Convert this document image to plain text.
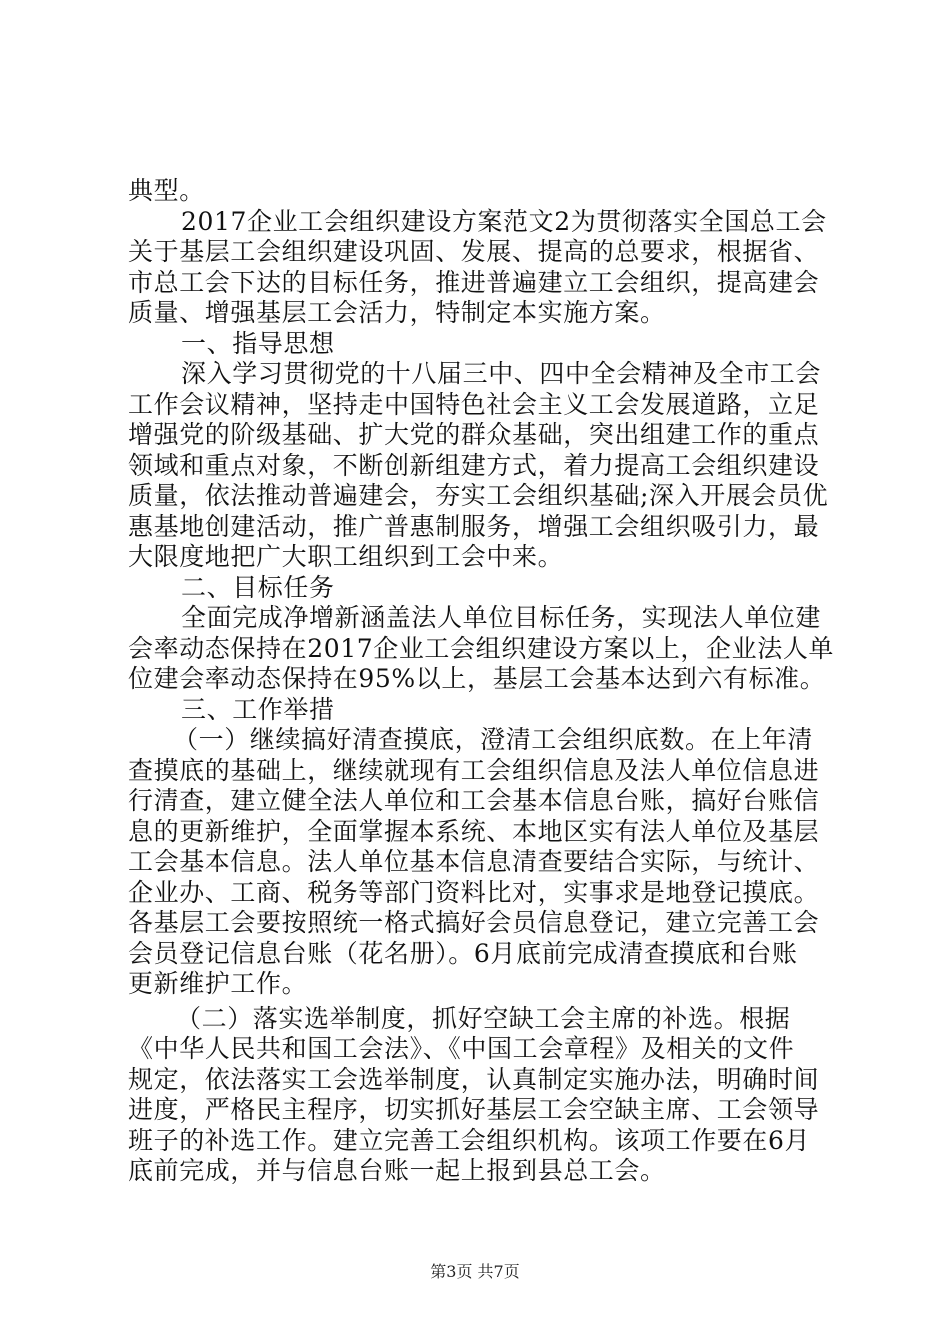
典型。
2017企业工会组织建设方案范文2为贯彻落实全国总工会
关于基层工会组织建设巩固、发展、提高的总要求，根据省、
市总工会下达的目标任务，推进普遍建立工会组织，提高建会
质量、增强基层工会活力，特制定本实施方案。
一、指导思想
深入学习贯彻党的十八届三中、四中全会精神及全市工会
工作会议精神，坚持走中国特色社会主义工会发展道路，立足
增强党的阶级基础、扩大党的群众基础，突出组建工作的重点
领域和重点对象，不断创新组建方式，着力提高工会组织建设
质量，依法推动普遍建会，夯实工会组织基础;深入开展会员优
惠基地创建活动，推广普惠制服务，增强工会组织吸引力，最
大限度地把广大职工组织到工会中来。
二、目标任务
全面完成净增新涵盖法人单位目标任务，实现法人单位建
会率动态保持在2017企业工会组织建设方案以上，企业法人单
位建会率动态保持在95%以上，基层工会基本达到六有标准。
三、工作举措
（一）继续搞好清查摸底，澄清工会组织底数。在上年清
查摸底的基础上，继续就现有工会组织信息及法人单位信息进
行清查，建立健全法人单位和工会基本信息台账，搞好台账信
息的更新维护，全面掌握本系统、本地区实有法人单位及基层
工会基本信息。法人单位基本信息清查要结合实际，与统计、
企业办、工商、税务等部门资料比对，实事求是地登记摸底。
各基层工会要按照统一格式搞好会员信息登记，建立完善工会
会员登记信息台账（花名册）。6月底前完成清查摸底和台账
更新维护工作。
（二）落实选举制度，抓好空缺工会主席的补选。根据
《中华人民共和国工会法》、《中国工会章程》及相关的文件
规定，依法落实工会选举制度，认真制定实施办法，明确时间
进度，严格民主程序，切实抓好基层工会空缺主席、工会领导
班子的补选工作。建立完善工会组织机构。该项工作要在6月
底前完成，并与信息台账一起上报到县总工会。
第3页 共7页
